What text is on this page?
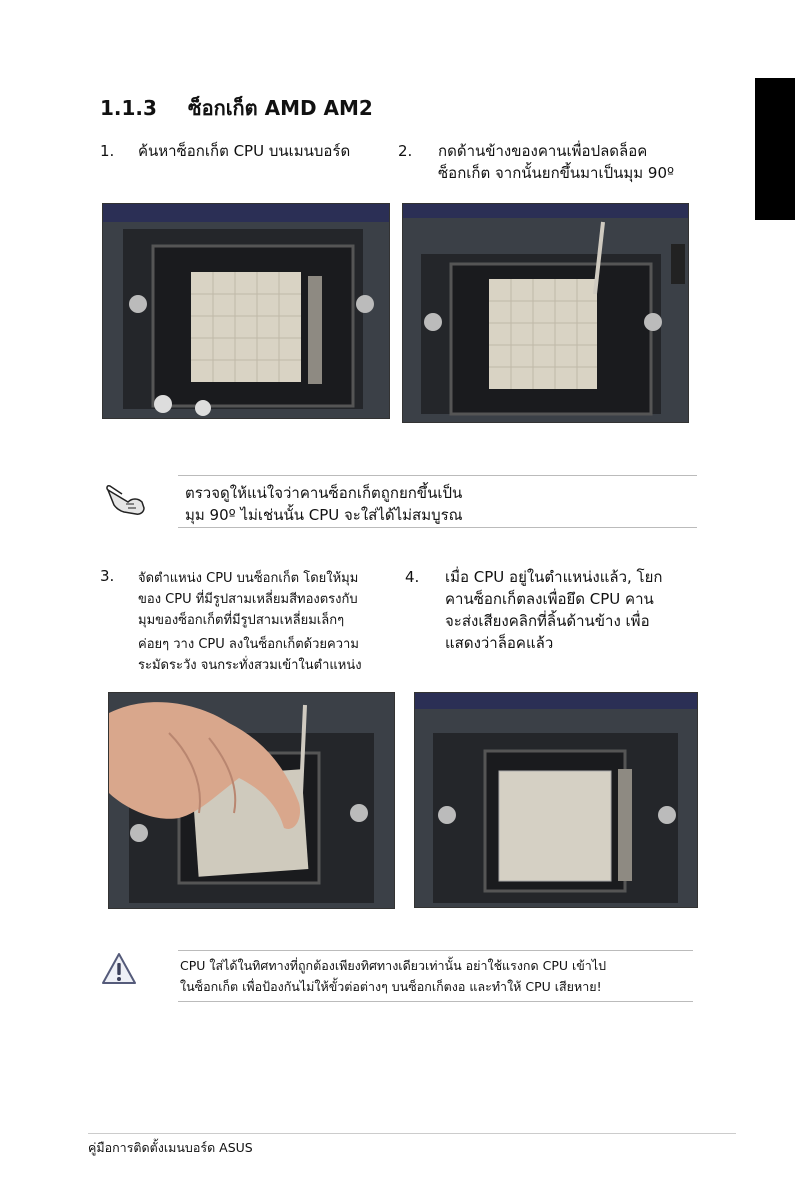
1.1.3 ซ็อกเก็ต AMD AM2
1. ค้นหาซ็อกเก็ต CPU บนเมนบอร์ด	2. กดด้านข้างของคานเพื่อปลดล็อค
ซ็อกเก็ต จากนั้นยกขึ้นมาเป็นมุม 90º
ตรวจดูให้แน่ใจว่าคานซ็อกเก็ตถูกยกขึ้นเป็น
มุม 90º ไม่เช่นนั้น CPU จะใส่ได้ไม่สมบูรณ
3. จัดตำแหน่ง CPU บนซ็อกเก็ต โดยให้มุม
ของ CPU ที่มีรูปสามเหลี่ยมสีทองตรงกับ
มุมของซ็อกเก็ตที่มีรูปสามเหลี่ยมเล็กๆ
ค่อยๆ วาง CPU ลงในซ็อกเก็ตด้วยความ
ระมัดระวัง จนกระทั่งสวมเข้าในตำแหน่ง
4. เมื่อ CPU อยู่ในตำแหน่งแล้ว, โยก
คานซ็อกเก็ตลงเพื่อยึด CPU คาน
จะส่งเสียงคลิกที่ลิ้นด้านข้าง เพื่อ
แสดงว่าล็อคแล้ว
CPU ใส่ได้ในทิศทางที่ถูกต้องเพียงทิศทางเดียวเท่านั้น อย่าใช้แรงกด CPU เข้าไป
ในซ็อกเก็ต เพื่อป้องกันไม่ให้ขั้วต่อต่างๆ บนซ็อกเก็ตงอ และทำให้ CPU เสียหาย!
คู่มือการติดตั้งเมนบอร์ด ASUS
